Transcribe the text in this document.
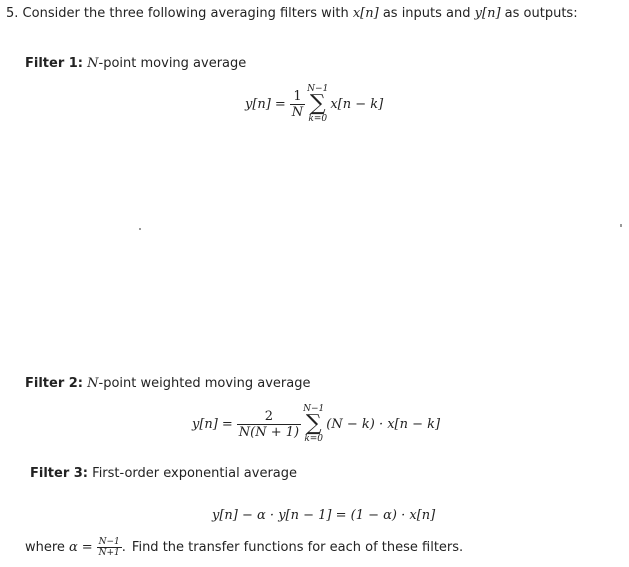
5. Consider the three following averaging filters with x[n] as inputs and y[n] as outputs:
Filter 1: N-point moving average
$y[n] = \frac{1}{N} N-1$
∑
k=0
x[n − k]
Filter 2: N-point weighted moving average
$y[n] = \frac{2}{N(N + 1)} N-1$
∑
k=0
(N − k) · x[n − k]
Filter 3: First-order exponential average
y[n] − α · y[n − 1] = (1 − α) · x[n]
where $\alpha = \frac{N-1}{N+1}$ . Find the transfer functions for each of these filters.
